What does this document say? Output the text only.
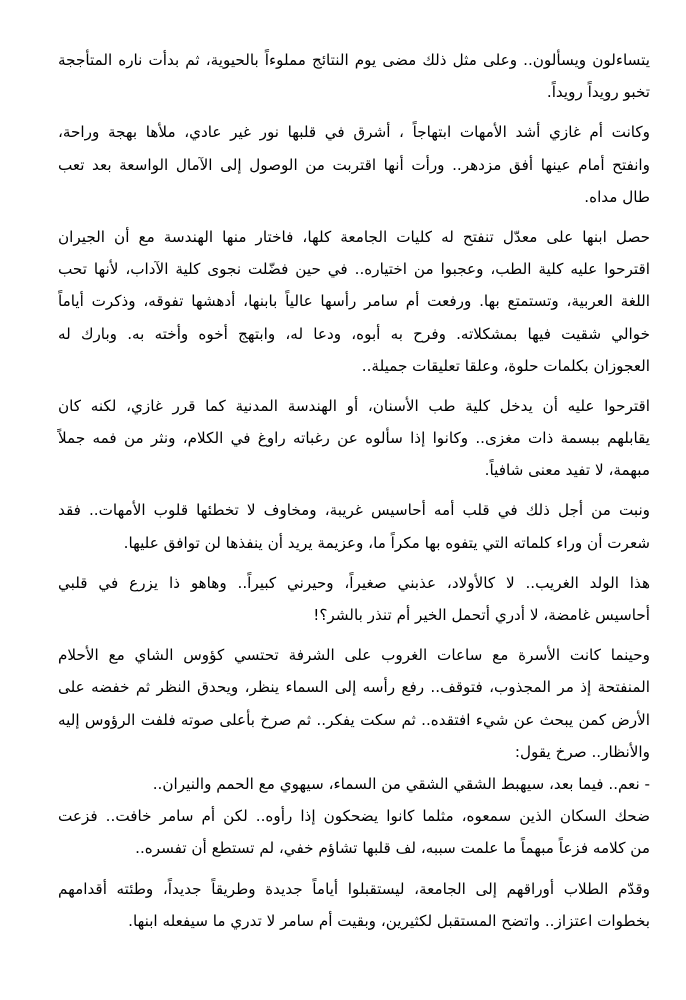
يتساءلون ويسألون.. وعلى مثل ذلك مضى يوم النتائج مملوءاً بالحيوية، ثم بدأت ناره المتأججة
تخبو رويداً رويداً.
وكانت أم غازي أشد الأمهات ابتهاجاً ، أشرق في قلبها نور غير عادي، ملأها بهجة وراحة،
وانفتح أمام عينها أفق مزدهر.. ورأت أنها اقتربت من الوصول إلى الآمال الواسعة بعد تعب
طال مداه.
حصل ابنها على معدّل تنفتح له كليات الجامعة كلها، فاختار منها الهندسة مع أن الجيران
اقترحوا عليه كلية الطب، وعجبوا من اختياره.. في حين فضّلت نجوى كلية الآداب، لأنها تحب
اللغة العربية، وتستمتع بها. ورفعت أم سامر رأسها عالياً بابنها، أدهشها تفوقه، وذكرت أياماً
خوالي شقيت فيها بمشكلاته. وفرح به أبوه، ودعا له، وابتهج أخوه وأخته به. وبارك له
العجوزان بكلمات حلوة، وعلقا تعليقات جميلة..
اقترحوا عليه أن يدخل كلية طب الأسنان، أو الهندسة المدنية كما قرر غازي، لكنه كان
يقابلهم ببسمة ذات مغزى.. وكانوا إذا سألوه عن رغباته راوغ في الكلام، ونثر من فمه جملاً
مبهمة، لا تفيد معنى شافياً.
ونبت من أجل ذلك في قلب أمه أحاسيس غريبة، ومخاوف لا تخطئها قلوب الأمهات.. فقد
شعرت أن وراء كلماته التي يتفوه بها مكراً ما، وعزيمة يريد أن ينفذها لن توافق عليها.
هذا الولد الغريب.. لا كالأولاد، عذبني صغيراً، وحيرني كبيراً.. وهاهو ذا يزرع في قلبي
أحاسيس غامضة، لا أدري أتحمل الخير أم تنذر بالشر؟!
وحينما كانت الأسرة مع ساعات الغروب على الشرفة تحتسي كؤوس الشاي مع الأحلام
المنفتحة إذ مر المجذوب، فتوقف.. رفع رأسه إلى السماء ينظر، ويحدق النظر ثم خفضه على
الأرض كمن يبحث عن شيء افتقده.. ثم سكت يفكر.. ثم صرخ بأعلى صوته فلفت الرؤوس إليه
والأنظار.. صرخ يقول:
- نعم.. فيما بعد، سيهبط الشقي الشقي من السماء، سيهوي مع الحمم والنيران..
ضحك السكان الذين سمعوه، مثلما كانوا يضحكون إذا رأوه.. لكن أم سامر خافت.. فزعت
من كلامه فزعاً مبهماً ما علمت سببه، لف قلبها تشاؤم خفي، لم تستطع أن تفسره..
وقدّم الطلاب أوراقهم إلى الجامعة، ليستقبلوا أياماً جديدة وطريقاً جديداً، وطئته أقدامهم
بخطوات اعتزاز.. واتضح المستقبل لكثيرين، وبقيت أم سامر لا تدري ما سيفعله ابنها.
